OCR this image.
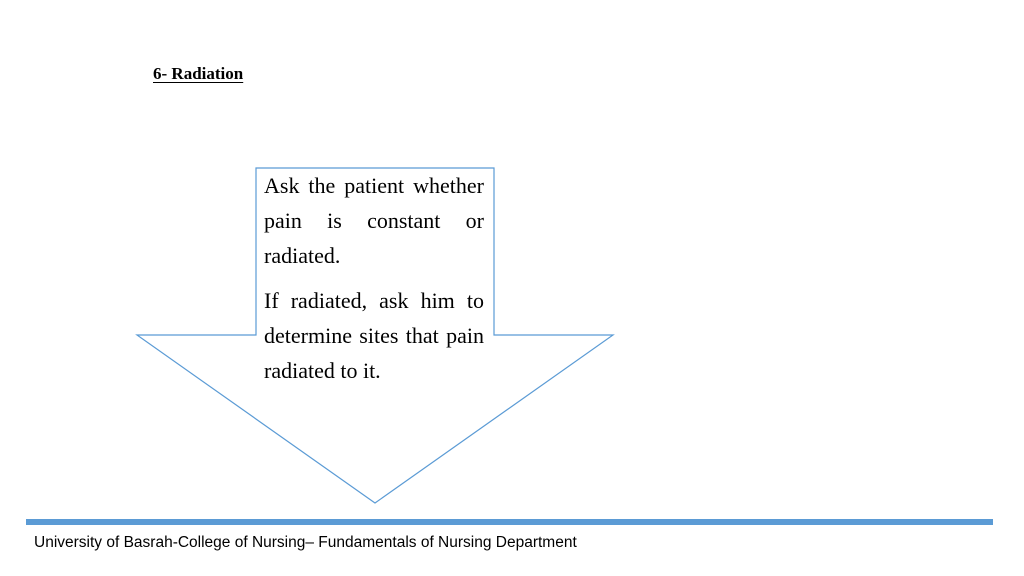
6- Radiation

Ask the patient whether pain is constant or radiated.

If radiated, ask him to determine sites that pain radiated to it.

University of Basrah-College of Nursing– Fundamentals of Nursing Department
